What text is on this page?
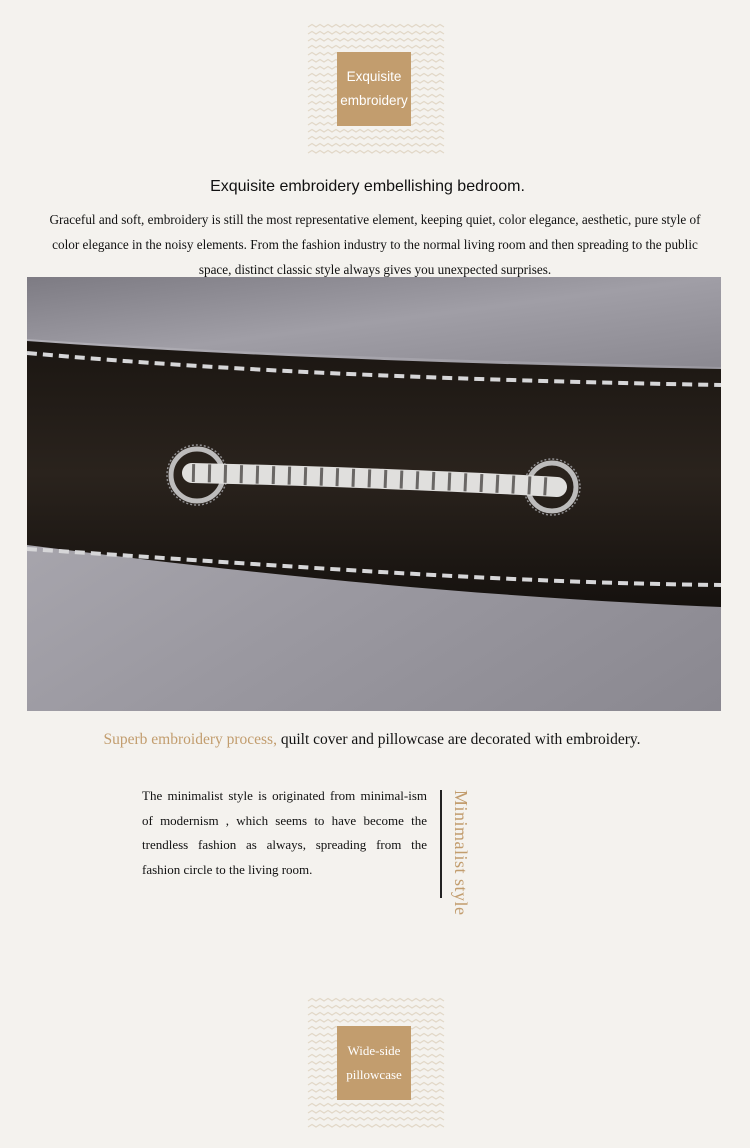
Exquisite
embroidery
Exquisite embroidery embellishing bedroom.
Graceful and soft, embroidery is still the most representative element, keeping quiet, color elegance, aesthetic, pure style of color elegance in the noisy elements. From the fashion industry to the normal living room and then spreading to the public space, distinct classic style always gives you unexpected surprises.
Superb embroidery process, quilt cover and pillowcase are decorated with embroidery.
The minimalist style is originated from minimal-ism of modernism , which seems to have become the trendless fashion as always, spreading from the fashion circle to the living room.	Minimalist style
Wide-side
pillowcase
